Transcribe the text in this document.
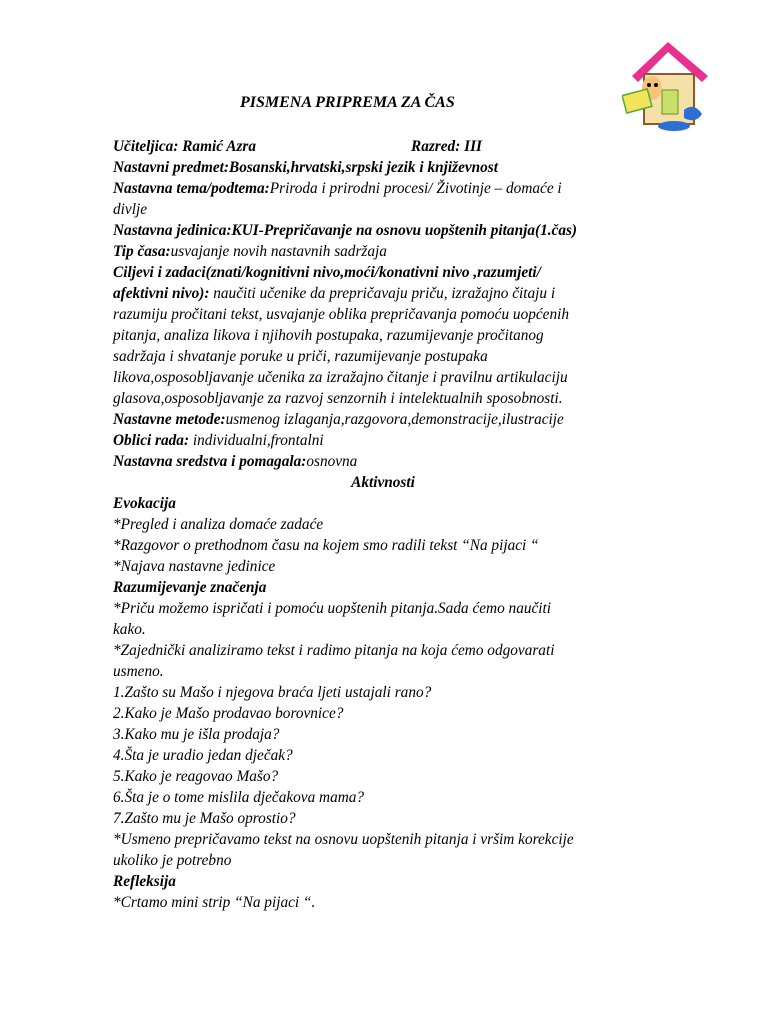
PISMENA PRIPREMA ZA ČAS

Učiteljica: Ramić Azra	Razred: III

Nastavni predmet:Bosanski,hrvatski,srpski jezik i književnost

Nastavna tema/podtema:Priroda i prirodni procesi/ Životinje – domaće i

divlje

Nastavna jedinica:KUI-Prepričavanje na osnovu uopštenih pitanja(1.čas)

Tip časa:usvajanje novih nastavnih sadržaja

Ciljevi i zadaci(znati/kognitivni nivo,moći/konativni nivo ,razumjeti/

afektivni nivo): naučiti učenike da prepričavaju priču, izražajno čitaju i

razumiju pročitani tekst, usvajanje oblika prepričavanja pomoću uopćenih

pitanja, analiza likova i njihovih postupaka, razumijevanje pročitanog

sadržaja i shvatanje poruke u priči, razumijevanje postupaka

likova,osposobljavanje učenika za izražajno čitanje i pravilnu artikulaciju

glasova,osposobljavanje za razvoj senzornih i intelektualnih sposobnosti.

Nastavne metode:usmenog izlaganja,razgovora,demonstracije,ilustracije

Oblici rada: individualni,frontalni

Nastavna sredstva i pomagala:osnovna

Aktivnosti

Evokacija

*Pregled i analiza domaće zadaće

*Razgovor o prethodnom času na kojem smo radili tekst “Na pijaci “

*Najava nastavne jedinice

Razumijevanje značenja

*Priču možemo ispričati i pomoću uopštenih pitanja.Sada ćemo naučiti

kako.

*Zajednički analiziramo tekst i radimo pitanja na koja ćemo odgovarati

usmeno.

1.Zašto su Mašo i njegova braća ljeti ustajali rano?

2.Kako je Mašo prodavao borovnice?

3.Kako mu je išla prodaja?

4.Šta je uradio jedan dječak?

5.Kako je reagovao Mašo?

6.Šta je o tome mislila dječakova mama?

7.Zašto mu je Mašo oprostio?

*Usmeno prepričavamo tekst na osnovu uopštenih pitanja i vršim korekcije

ukoliko je potrebno

Refleksija

*Crtamo mini strip “Na pijaci “.
